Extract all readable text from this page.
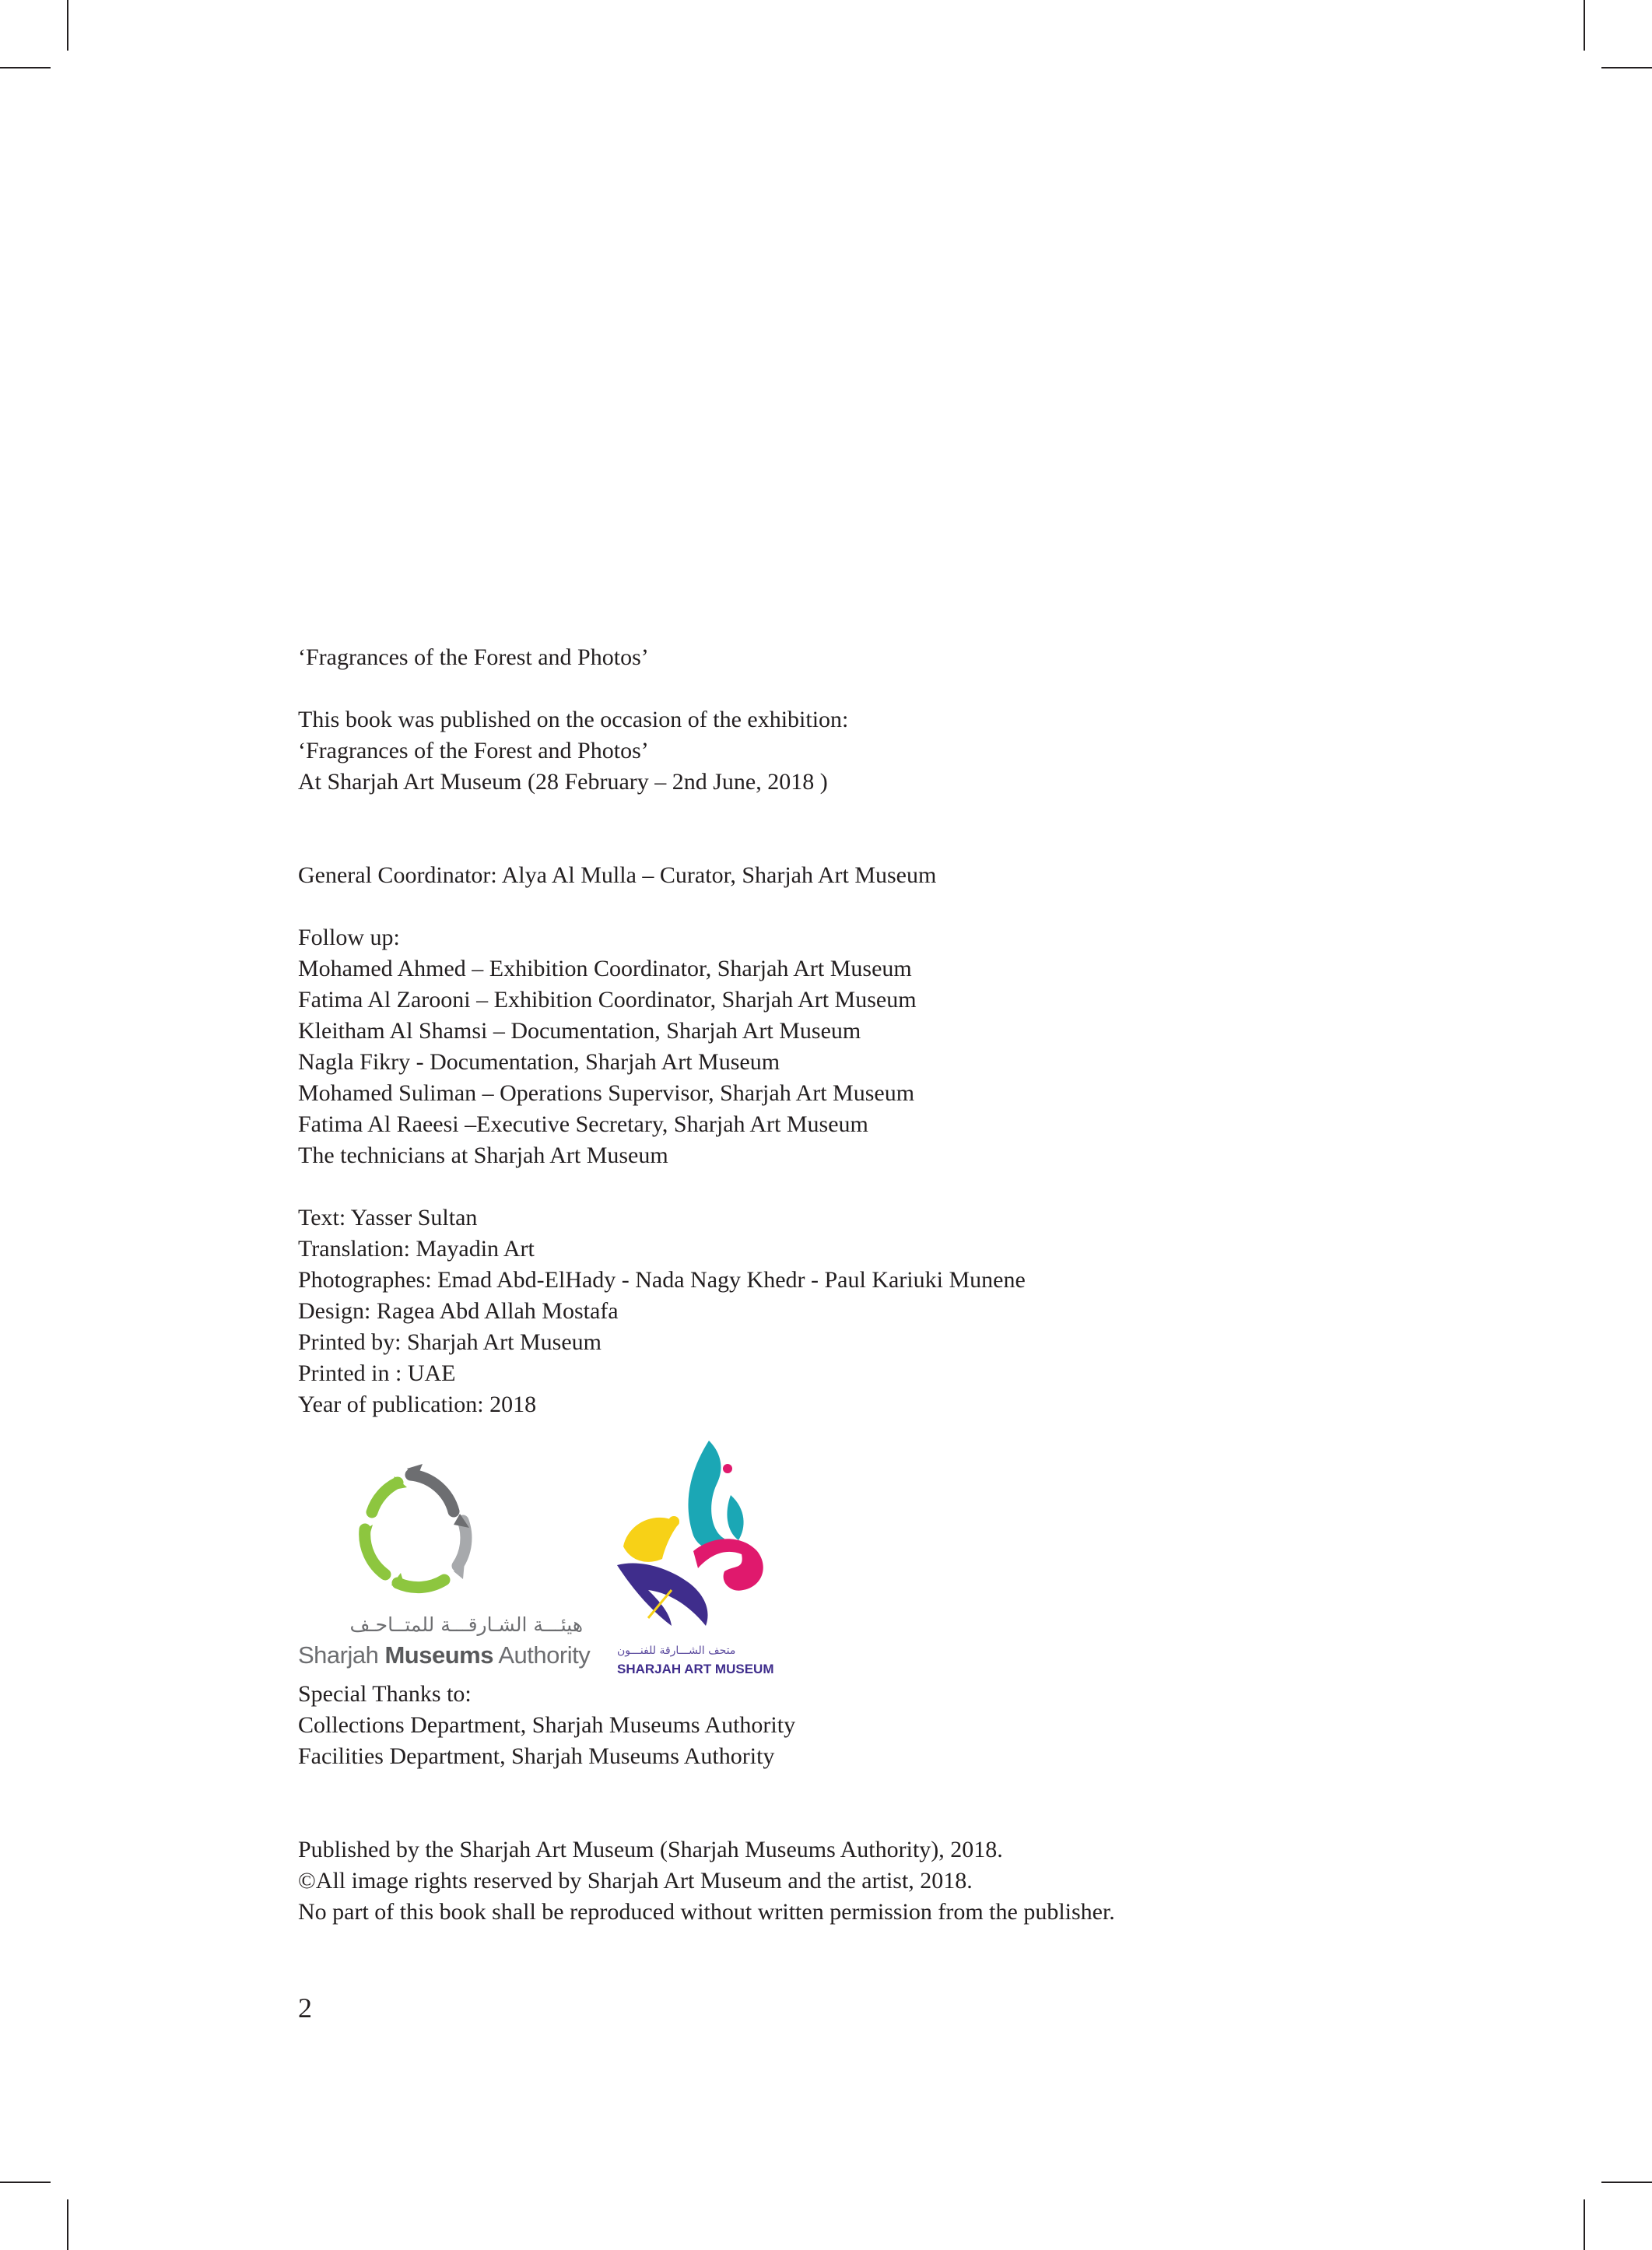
‘Fragrances of the Forest and Photos’

This book was published on the occasion of the exhibition:

‘Fragrances of the Forest and Photos’

At Sharjah Art Museum (28 February – 2nd June, 2018 )

General Coordinator: Alya Al Mulla – Curator, Sharjah Art Museum

Follow up:

Mohamed Ahmed – Exhibition Coordinator, Sharjah Art Museum

Fatima Al Zarooni – Exhibition Coordinator, Sharjah Art Museum

Kleitham Al Shamsi – Documentation, Sharjah Art Museum

Nagla Fikry - Documentation, Sharjah Art Museum

Mohamed Suliman – Operations Supervisor, Sharjah Art Museum

Fatima Al Raeesi –Executive Secretary, Sharjah Art Museum

The technicians at Sharjah Art Museum

Text: Yasser Sultan

Translation: Mayadin Art

Photographes: Emad Abd-ElHady - Nada Nagy Khedr - Paul Kariuki Munene

Design: Ragea Abd Allah Mostafa

Printed by: Sharjah Art Museum

Printed in : UAE

Year of publication: 2018

هيئـــة الشـارقـــة للمتــاحـف
Sharjah Museums Authority متحف الشـــارقة للفنـــون
SHARJAH ART MUSEUM

Special Thanks to:

Collections Department, Sharjah Museums Authority

Facilities Department, Sharjah Museums Authority

Published by the Sharjah Art Museum (Sharjah Museums Authority), 2018.

©All image rights reserved by Sharjah Art Museum and the artist, 2018.

No part of this book shall be reproduced without written permission from the publisher.

2
